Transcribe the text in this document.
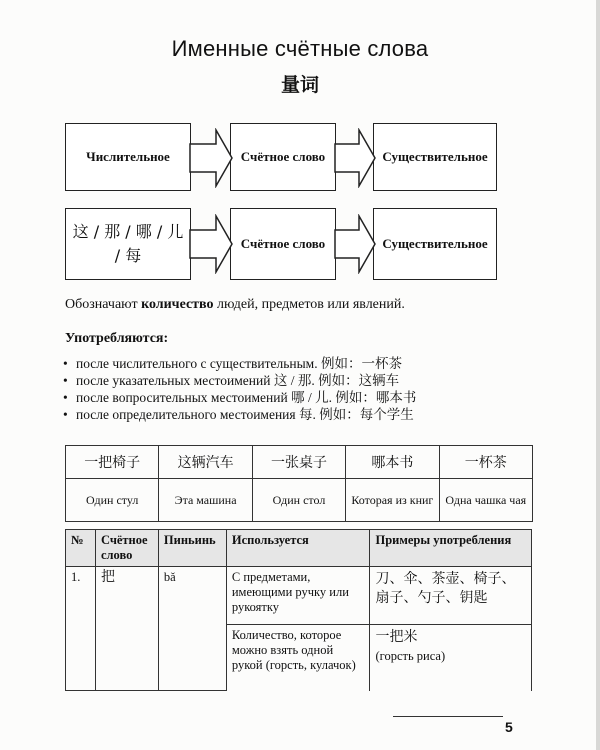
Именные счётные слова
量词
Числительное	Счётное слово	Существительное
这 / 那 / 哪 / 儿 / 每
Счётное слово	Существительное
Обозначают количество людей, предметов или явлений.
Употребляются:
• после числительного с существительным. 例如：一杯茶
• после указательных местоимений 这 / 那. 例如：这辆车
• после вопросительных местоимений 哪 / 儿. 例如：哪本书
• после определительного местоимения 每. 例如：每个学生
一把椅子	这辆汽车	一张桌子	哪本书	一杯茶
Один стул	Эта машина	Один стол	Которая из книг	Одна чашка чая
№	Счётное слово	Пиньинь	Используется	Примеры употребления
1.	把	bǎ	С предметами, имеющими ручку или рукоятку	刀、伞、茶壶、椅子、扇子、勺子、钥匙
			Количество, которое можно взять одной рукой (горсть, кулачок)	一把米
(горсть риса)
5
